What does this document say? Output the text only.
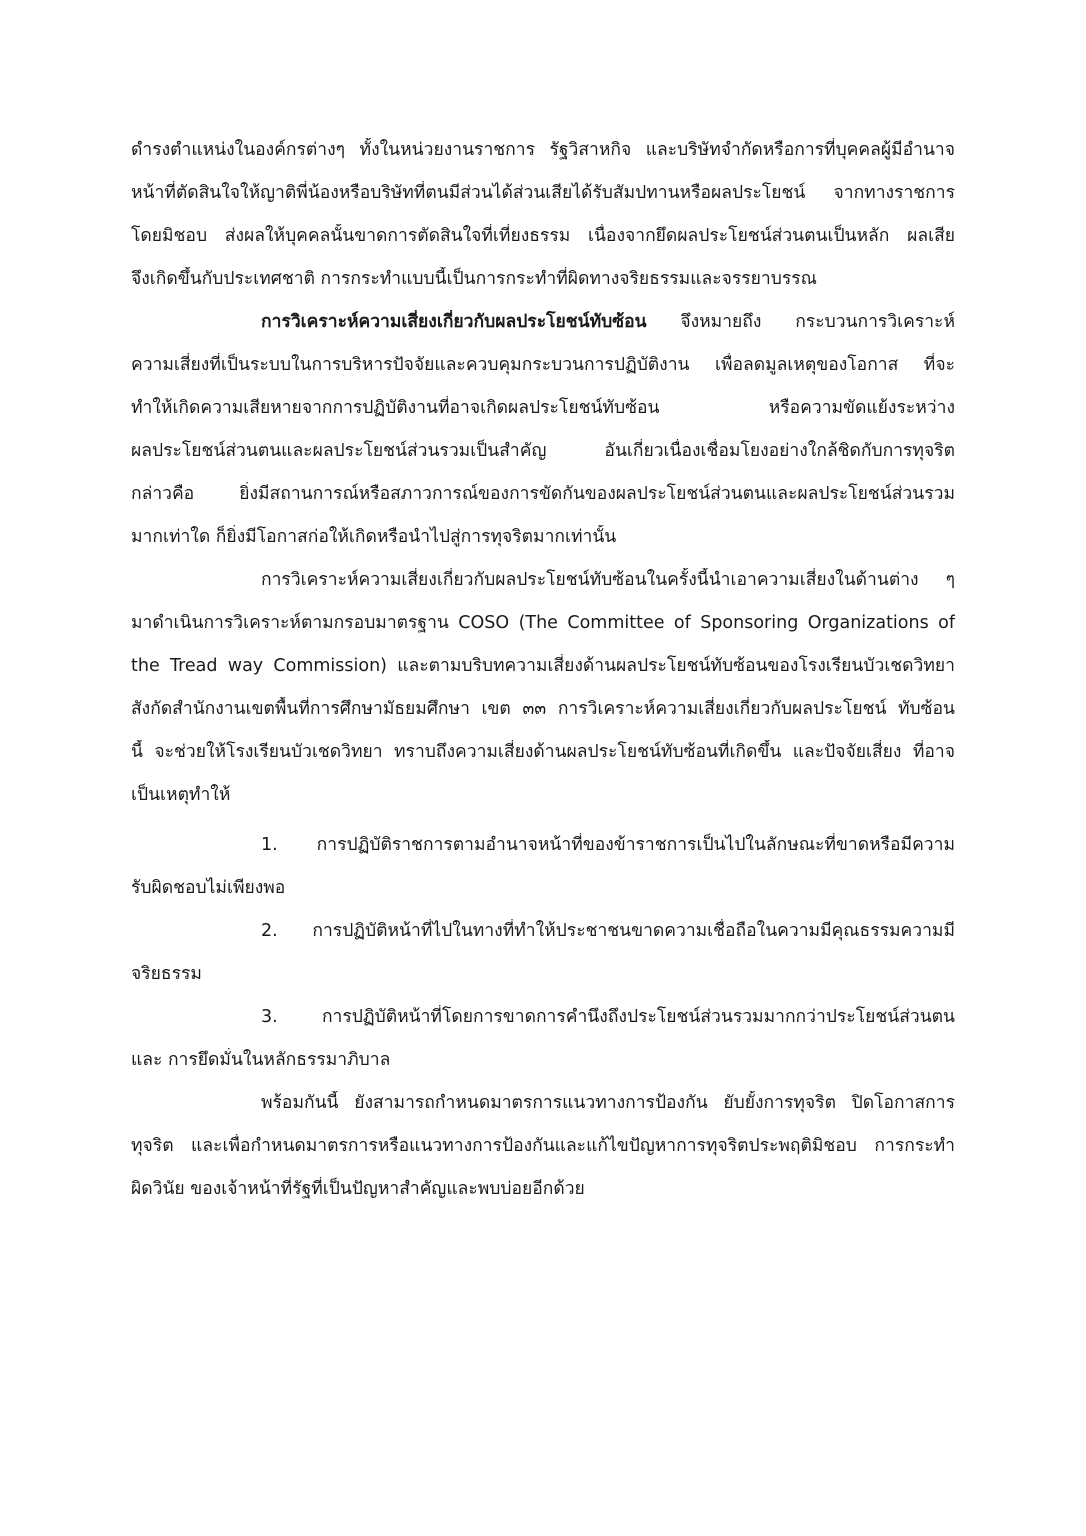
ดำรงตำแหน่งในองค์กรต่างๆ ทั้งในหน่วยงานราชการ รัฐวิสาหกิจ และบริษัทจำกัดหรือการที่บุคคลผู้มีอำนาจ
หน้าที่ตัดสินใจให้ญาติพี่น้องหรือบริษัทที่ตนมีส่วนได้ส่วนเสียได้รับสัมปทานหรือผลประโยชน์ จากทางราชการ
โดยมิชอบ ส่งผลให้บุคคลนั้นขาดการตัดสินใจที่เที่ยงธรรม เนื่องจากยึดผลประโยชน์ส่วนตนเป็นหลัก ผลเสีย
จึงเกิดขึ้นกับประเทศชาติ การกระทำแบบนี้เป็นการกระทำที่ผิดทางจริยธรรมและจรรยาบรรณ
การวิเคราะห์ความเสี่ยงเกี่ยวกับผลประโยชน์ทับซ้อน จึงหมายถึง กระบวนการวิเคราะห์
ความเสี่ยงที่เป็นระบบในการบริหารปัจจัยและควบคุมกระบวนการปฏิบัติงาน เพื่อลดมูลเหตุของโอกาส ที่จะ
ทำให้เกิดความเสียหายจากการปฏิบัติงานที่อาจเกิดผลประโยชน์ทับซ้อน หรือความขัดแย้งระหว่าง
ผลประโยชน์ส่วนตนและผลประโยชน์ส่วนรวมเป็นสำคัญ อันเกี่ยวเนื่องเชื่อมโยงอย่างใกล้ชิดกับการทุจริต
กล่าวคือ ยิ่งมีสถานการณ์หรือสภาวการณ์ของการขัดกันของผลประโยชน์ส่วนตนและผลประโยชน์ส่วนรวม
มากเท่าใด ก็ยิ่งมีโอกาสก่อให้เกิดหรือนำไปสู่การทุจริตมากเท่านั้น
การวิเคราะห์ความเสี่ยงเกี่ยวกับผลประโยชน์ทับซ้อนในครั้งนี้นำเอาความเสี่ยงในด้านต่าง ๆ
มาดำเนินการวิเคราะห์ตามกรอบมาตรฐาน COSO (The Committee of Sponsoring Organizations of
the Tread way Commission) และตามบริบทความเสี่ยงด้านผลประโยชน์ทับซ้อนของโรงเรียนบัวเชดวิทยา
สังกัดสำนักงานเขตพื้นที่การศึกษามัธยมศึกษา เขต ๓๓ การวิเคราะห์ความเสี่ยงเกี่ยวกับผลประโยชน์ ทับซ้อน
นี้ จะช่วยให้โรงเรียนบัวเชดวิทยา ทราบถึงความเสี่ยงด้านผลประโยชน์ทับซ้อนที่เกิดขึ้น และปัจจัยเสี่ยง ที่อาจ
เป็นเหตุทำให้
1. การปฏิบัติราชการตามอำนาจหน้าที่ของข้าราชการเป็นไปในลักษณะที่ขาดหรือมีความ
รับผิดชอบไม่เพียงพอ
2. การปฏิบัติหน้าที่ไปในทางที่ทำให้ประชาชนขาดความเชื่อถือในความมีคุณธรรมความมี
จริยธรรม
3. การปฏิบัติหน้าที่โดยการขาดการคำนึงถึงประโยชน์ส่วนรวมมากกว่าประโยชน์ส่วนตน
และ การยึดมั่นในหลักธรรมาภิบาล
พร้อมกันนี้ ยังสามารถกำหนดมาตรการแนวทางการป้องกัน ยับยั้งการทุจริต ปิดโอกาสการ
ทุจริต และเพื่อกำหนดมาตรการหรือแนวทางการป้องกันและแก้ไขปัญหาการทุจริตประพฤติมิชอบ การกระทำ
ผิดวินัย ของเจ้าหน้าที่รัฐที่เป็นปัญหาสำคัญและพบบ่อยอีกด้วย
